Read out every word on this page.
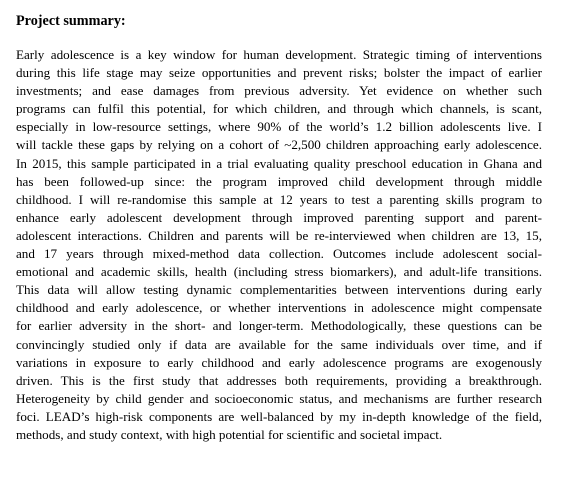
Project summary:

Early adolescence is a key window for human development. Strategic timing of interventions
during this life stage may seize opportunities and prevent risks; bolster the impact of earlier
investments; and ease damages from previous adversity. Yet evidence on whether such
programs can fulfil this potential, for which children, and through which channels, is scant,
especially in low-resource settings, where 90% of the world’s 1.2 billion adolescents live. I
will tackle these gaps by relying on a cohort of ~2,500 children approaching early adolescence.
In 2015, this sample participated in a trial evaluating quality preschool education in Ghana and
has been followed-up since: the program improved child development through middle
childhood. I will re-randomise this sample at 12 years to test a parenting skills program to
enhance early adolescent development through improved parenting support and parent-
adolescent interactions. Children and parents will be re-interviewed when children are 13, 15,
and 17 years through mixed-method data collection. Outcomes include adolescent social-
emotional and academic skills, health (including stress biomarkers), and adult-life transitions.
This data will allow testing dynamic complementarities between interventions during early
childhood and early adolescence, or whether interventions in adolescence might compensate
for earlier adversity in the short- and longer-term. Methodologically, these questions can be
convincingly studied only if data are available for the same individuals over time, and if
variations in exposure to early childhood and early adolescence programs are exogenously
driven. This is the first study that addresses both requirements, providing a breakthrough.
Heterogeneity by child gender and socioeconomic status, and mechanisms are further research
foci. LEAD’s high-risk components are well-balanced by my in-depth knowledge of the field,
methods, and study context, with high potential for scientific and societal impact.
